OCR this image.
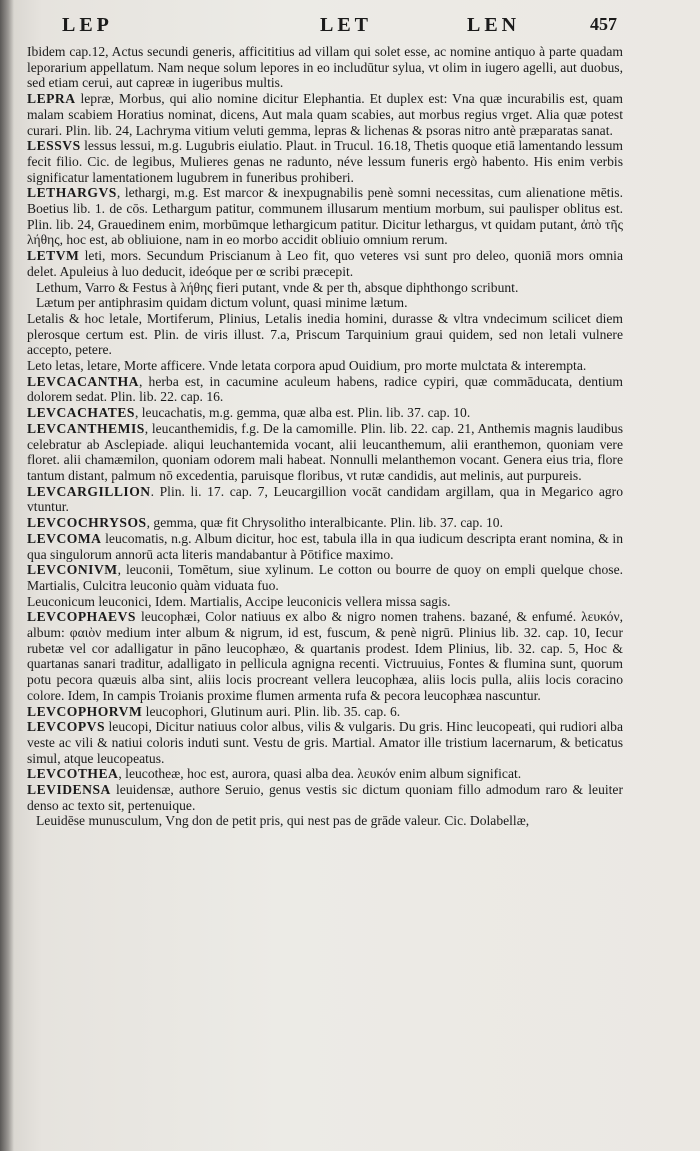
LEP	LET	LEN	457

Ibidem cap.12, Actus secundi generis, afficititius ad villam qui solet esse, ac nomine antiquo à parte quadam leporarium appellatum. Nam neque solum lepores in eo includūtur sylua, vt olim in iugero agelli, aut duobus, sed etiam cerui, aut capreæ in iugeribus multis.

LEPRA lepræ, Morbus, qui alio nomine dicitur Elephantia. Et duplex est: Vna quæ incurabilis est, quam malam scabiem Horatius nominat, dicens, Aut mala quam scabies, aut morbus regius vrget. Alia quæ potest curari. Plin. lib. 24, Lachryma vitium veluti gemma, lepras & lichenas & psoras nitro antè præparatas sanat.

LESSVS lessus lessui, m.g. Lugubris eiulatio. Plaut. in Trucul. 16.18, Thetis quoque etiā lamentando lessum fecit filio. Cic. de legibus, Mulieres genas ne radunto, néve lessum funeris ergò habento. His enim verbis significatur lamentationem lugubrem in funeribus prohiberi.

LETHARGVS, lethargi, m.g. Est marcor & inexpugnabilis penè somni necessitas, cum alienatione mētis. Boetius lib. 1. de cōs. Lethargum patitur, communem illusarum mentium morbum, sui paulisper oblitus est. Plin. lib. 24, Grauedinem enim, morbūmque lethargicum patitur. Dicitur lethargus, vt quidam putant, ἀπὸ τῆς λήθης, hoc est, ab obliuione, nam in eo morbo accidit obliuio omnium rerum.

LETVM leti, mors. Secundum Priscianum à Leo fit, quo veteres vsi sunt pro deleo, quoniā mors omnia delet. Apuleius à luo deducit, ideóque per œ scribi præcepit.

Lethum, Varro & Festus à λήθης fieri putant, vnde & per th, absque diphthongo scribunt.

Lætum per antiphrasim quidam dictum volunt, quasi minime lætum.

Letalis & hoc letale, Mortiferum, Plinius, Letalis inedia homini, durasse & vltra vndecimum scilicet diem plerosque certum est. Plin. de viris illust. 7.a, Priscum Tarquinium graui quidem, sed non letali vulnere accepto, petere.

Leto letas, letare, Morte afficere. Vnde letata corpora apud Ouidium, pro morte mulctata & interempta.

LEVCACANTHA, herba est, in cacumine aculeum habens, radice cypiri, quæ commāducata, dentium dolorem sedat. Plin. lib. 22. cap. 16.

LEVCACHATES, leucachatis, m.g. gemma, quæ alba est. Plin. lib. 37. cap. 10.

LEVCANTHEMIS, leucanthemidis, f.g. De la camomille. Plin. lib. 22. cap. 21, Anthemis magnis laudibus celebratur ab Asclepiade. aliqui leuchantemida vocant, alii leucanthemum, alii eranthemon, quoniam vere floret. alii chamæmilon, quoniam odorem mali habeat. Nonnulli melanthemon vocant. Genera eius tria, flore tantum distant, palmum nō excedentia, paruisque floribus, vt rutæ candidis, aut melinis, aut purpureis.

LEVCARGILLION. Plin. li. 17. cap. 7, Leucargillion vocāt candidam argillam, qua in Megarico agro vtuntur.

LEVCOCHRYSOS, gemma, quæ fit Chrysolitho interalbicante. Plin. lib. 37. cap. 10.

LEVCOMA leucomatis, n.g. Album dicitur, hoc est, tabula illa in qua iudicum descripta erant nomina, & in qua singulorum annorū acta literis mandabantur à Pōtifice maximo.

LEVCONIVM, leuconii, Tomētum, siue xylinum. Le cotton ou bourre de quoy on empli quelque chose. Martialis, Culcitra leuconio quàm viduata fuo.

Leuconicum leuconici, Idem. Martialis, Accipe leuconicis vellera missa sagis.

LEVCOPHAEVS leucophæi, Color natiuus ex albo & nigro nomen trahens. bazané, & enfumé. λευκόν, album: φαιὸν medium inter album & nigrum, id est, fuscum, & penè nigrū. Plinius lib. 32. cap. 10, Iecur rubetæ vel cor adalligatur in pāno leucophæo, & quartanis prodest. Idem Plinius, lib. 32. cap. 5, Hoc & quartanas sanari traditur, adalligato in pellicula agnigna recenti. Victruuius, Fontes & flumina sunt, quorum potu pecora quæuis alba sint, aliis locis procreant vellera leucophæa, aliis locis pulla, aliis locis coracino colore. Idem, In campis Troianis proxime flumen armenta rufa & pecora leucophæa nascuntur.

LEVCOPHORVM leucophori, Glutinum auri. Plin. lib. 35. cap. 6.

LEVCOPVS leucopi, Dicitur natiuus color albus, vilis & vulgaris. Du gris. Hinc leucopeati, qui rudiori alba veste ac vili & natiui coloris induti sunt. Vestu de gris. Martial. Amator ille tristium lacernarum, & beticatus simul, atque leucopeatus.

LEVCOTHEA, leucotheæ, hoc est, aurora, quasi alba dea. λευκόν enim album significat.

LEVIDENSA leuidensæ, authore Seruio, genus vestis sic dictum quoniam fillo admodum raro & leuiter denso ac texto sit, pertenuique.

Leuidēse munusculum, Vng don de petit pris, qui nest pas de grāde valeur. Cic. Dolabellæ,
